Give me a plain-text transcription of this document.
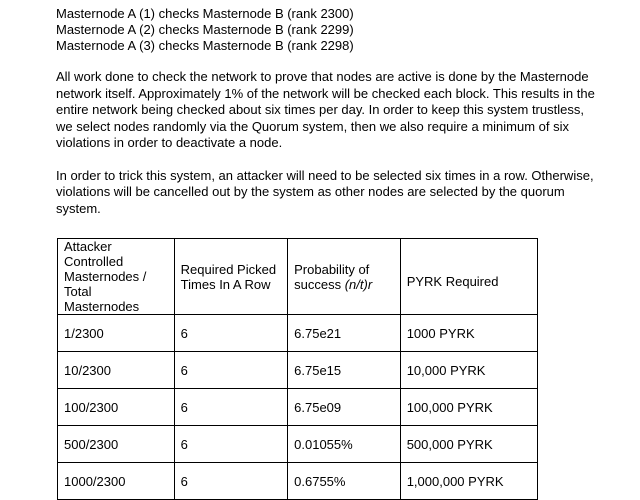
Masternode A (1) checks Masternode B (rank 2300)
Masternode A (2) checks Masternode B (rank 2299)
Masternode A (3) checks Masternode B (rank 2298)

All work done to check the network to prove that nodes are active is done by the Masternode network itself. Approximately 1% of the network will be checked each block. This results in the entire network being checked about six times per day. In order to keep this system trustless, we select nodes randomly via the Quorum system, then we also require a minimum of six violations in order to deactivate a node.

In order to trick this system, an attacker will need to be selected six times in a row. Otherwise, violations will be cancelled out by the system as other nodes are selected by the quorum system.

Attacker Controlled Masternodes / Total Masternodes	Required Picked Times In A Row	Probability of success (n/t)r	PYRK Required
1/2300	6	6.75e21	1000 PYRK
10/2300	6	6.75e15	10,000 PYRK
100/2300	6	6.75e09	100,000 PYRK
500/2300	6	0.01055%	500,000 PYRK
1000/2300	6	0.6755%	1,000,000 PYRK
